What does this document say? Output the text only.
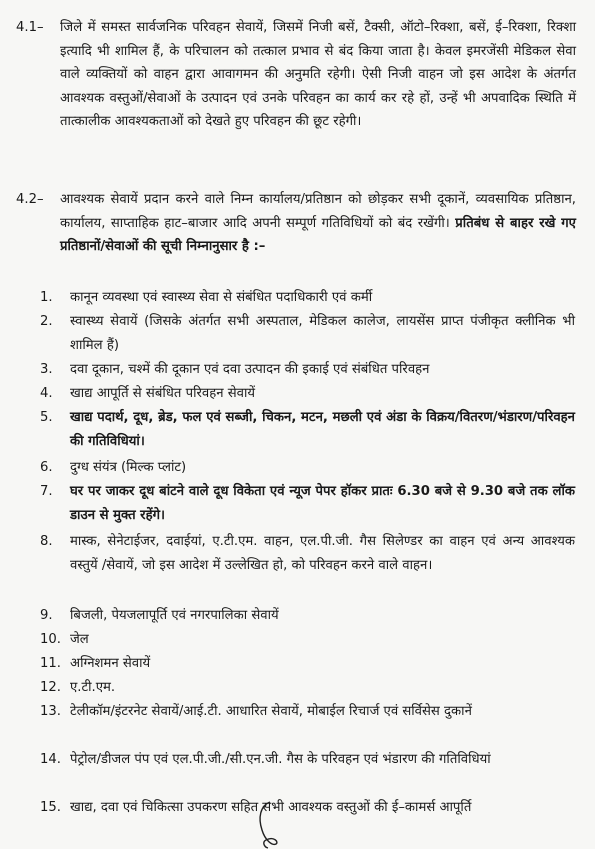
4.1– जिले में समस्त सार्वजनिक परिवहन सेवायें, जिसमें निजी बसें, टैक्सी, ऑटो–रिक्शा, बसें, ई–रिक्शा, रिक्शा इत्यादि भी शामिल हैं, के परिचालन को तत्काल प्रभाव से बंद किया जाता है। केवल इमरजेंसी मेडिकल सेवा वाले व्यक्तियों को वाहन द्वारा आवागमन की अनुमति रहेगी। ऐसी निजी वाहन जो इस आदेश के अंतर्गत आवश्यक वस्तुओं/सेवाओं के उत्पादन एवं उनके परिवहन का कार्य कर रहे हों, उन्हें भी अपवादिक स्थिति में तात्कालीक आवश्यकताओं को देखते हुए परिवहन की छूट रहेगी।
4.2– आवश्यक सेवायें प्रदान करने वाले निम्न कार्यालय/प्रतिष्ठान को छोड़कर सभी दूकानें, व्यवसायिक प्रतिष्ठान, कार्यालय, साप्ताहिक हाट–बाजार आदि अपनी सम्पूर्ण गतिविधियों को बंद रखेंगी। प्रतिबंध से बाहर रखे गए प्रतिष्ठानों/सेवाओं की सूची निम्नानुसार है :–
1. कानून व्यवस्था एवं स्वास्थ्य सेवा से संबंधित पदाधिकारी एवं कर्मी
2. स्वास्थ्य सेवायें (जिसके अंतर्गत सभी अस्पताल, मेडिकल कालेज, लायसेंस प्राप्त पंजीकृत क्लीनिक भी शामिल हैं)
3. दवा दूकान, चश्में की दूकान एवं दवा उत्पादन की इकाई एवं संबंधित परिवहन
4. खाद्य आपूर्ति से संबंधित परिवहन सेवायें
5. खाद्य पदार्थ, दूध, ब्रेड, फल एवं सब्जी, चिकन, मटन, मछली एवं अंडा के विक्रय/वितरण/भंडारण/परिवहन की गतिविधियां।
6. दुग्ध संयंत्र (मिल्क प्लांट)
7. घर पर जाकर दूध बांटने वाले दूध विकेता एवं न्यूज पेपर हॉकर प्रातः 6.30 बजे से 9.30 बजे तक लॉक डाउन से मुक्त रहेंगे।
8. मास्क, सेनेटाईजर, दवाईयां, ए.टी.एम. वाहन, एल.पी.जी. गैस सिलेण्डर का वाहन एवं अन्य आवश्यक वस्तुयें /सेवायें, जो इस आदेश में उल्लेखित हो, को परिवहन करने वाले वाहन।
9. बिजली, पेयजलापूर्ति एवं नगरपालिका सेवायें
10. जेल
11. अग्निशमन सेवायें
12. ए.टी.एम.
13. टेलीकॉम/इंटरनेट सेवायें/आई.टी. आधारित सेवायें, मोबाईल रिचार्ज एवं सर्विसेस दुकानें
14. पेट्रोल/डीजल पंप एवं एल.पी.जी./सी.एन.जी. गैस के परिवहन एवं भंडारण की गतिविधियां
15. खाद्य, दवा एवं चिकित्सा उपकरण सहित सभी आवश्यक वस्तुओं की ई–कामर्स आपूर्ति
